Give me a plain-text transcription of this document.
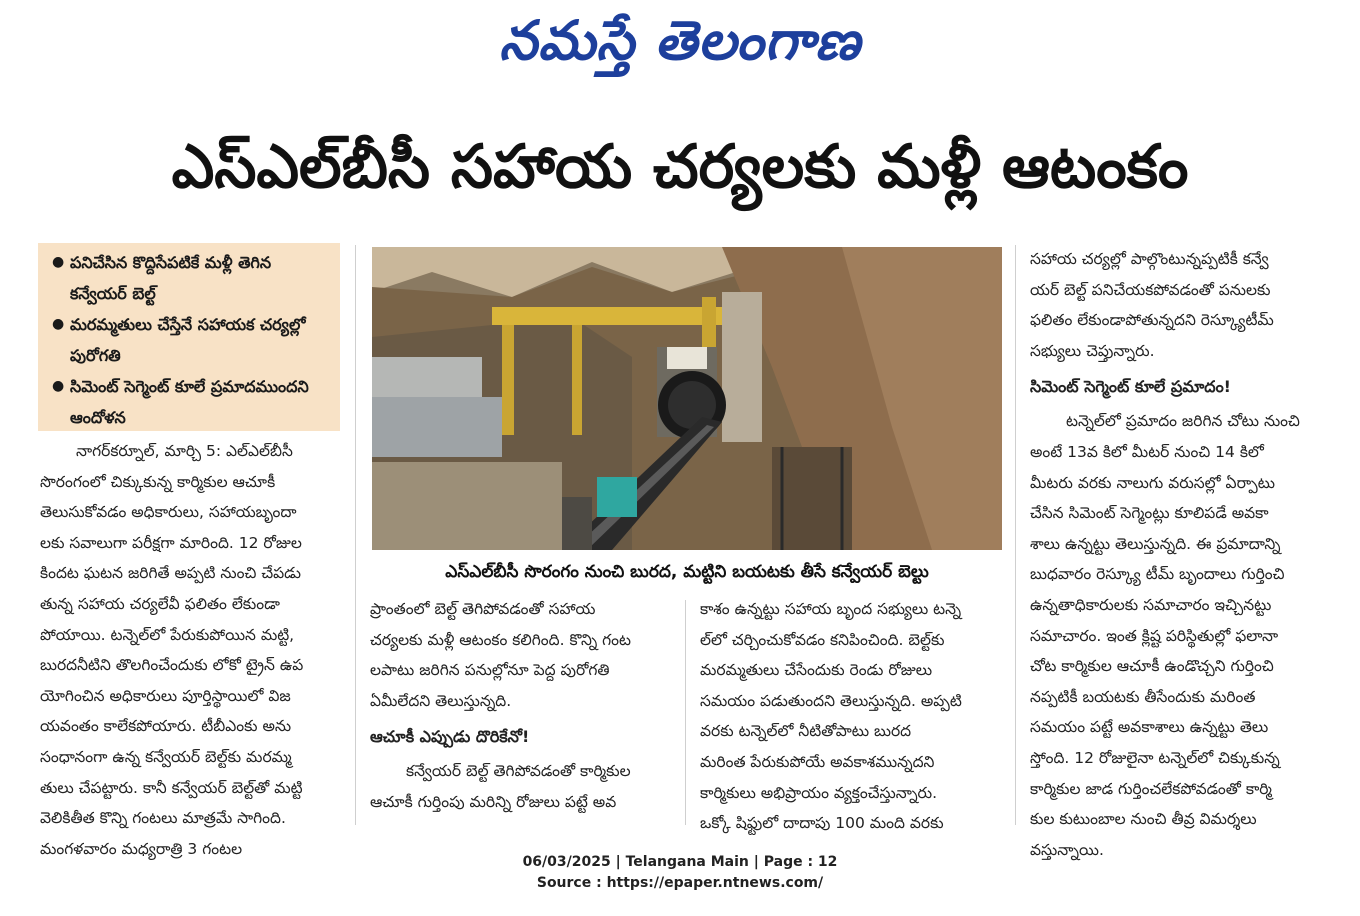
నమస్తే తెలంగాణ
ఎస్ఎల్‌బీసీ సహాయ చర్యలకు మళ్లీ ఆటంకం
● పనిచేసిన కొద్దిసేపటికే మళ్లీ తెగిన కన్వేయర్ బెల్ట్
● మరమ్మతులు చేస్తేనే సహాయక చర్యల్లో పురోగతి
● సిమెంట్ సెగ్మెంట్ కూలే ప్రమాదముందని ఆందోళన

నాగర్‌కర్నూల్, మార్చి 5: ఎల్ఎల్‌బీసీ

సొరంగంలో చిక్కుకున్న కార్మికుల ఆచూకీ

తెలుసుకోవడం అధికారులు, సహాయబృందా

లకు సవాలుగా పరీక్షగా మారింది. 12 రోజుల

కిందట ఘటన జరిగితే అప్పటి నుంచి చేపడు

తున్న సహాయ చర్యలేవీ ఫలితం లేకుండా

పోయాయి. టన్నెల్‌లో పేరుకుపోయిన మట్టి,

బురదనీటిని తొలగించేందుకు లోకో ట్రైన్ ఉప

యోగించిన అధికారులు పూర్తిస్థాయిలో విజ

యవంతం కాలేకపోయారు. టీబీఎంకు అను

సంధానంగా ఉన్న కన్వేయర్ బెల్ట్‌కు మరమ్మ

తులు చేపట్టారు. కానీ కన్వేయర్ బెల్ట్‌తో మట్టి

వెలికితీత కొన్ని గంటలు మాత్రమే సాగింది.

మంగళవారం మధ్యరాత్రి 3 గంటల

ఎస్ఎల్‌బీసీ సొరంగం నుంచి బురద, మట్టిని బయటకు తీసే కన్వేయర్ బెల్టు

ప్రాంతంలో బెల్ట్ తెగిపోవడంతో సహాయ

చర్యలకు మళ్లీ ఆటంకం కలిగింది. కొన్ని గంట

లపాటు జరిగిన పనుల్లోనూ పెద్ద పురోగతి

ఏమీలేదని తెలుస్తున్నది.

ఆచూకీ ఎప్పుడు దొరికేనో!

కన్వేయర్ బెల్ట్ తెగిపోవడంతో కార్మికుల

ఆచూకీ గుర్తింపు మరిన్ని రోజులు పట్టే అవ

కాశం ఉన్నట్టు సహాయ బృంద సభ్యులు టన్నె

ల్‌లో చర్చించుకోవడం కనిపించింది. బెల్ట్‌కు

మరమ్మతులు చేసేందుకు రెండు రోజులు

సమయం పడుతుందని తెలుస్తున్నది. అప్పటి

వరకు టన్నెల్‌లో నీటితోపాటు బురద

మరింత పేరుకుపోయే అవకాశమున్నదని

కార్మికులు అభిప్రాయం వ్యక్తంచేస్తున్నారు.

ఒక్కో షిఫ్టులో దాదాపు 100 మంది వరకు

సహాయ చర్యల్లో పాల్గొంటున్నప్పటికీ కన్వే

యర్ బెల్ట్ పనిచేయకపోవడంతో పనులకు

ఫలితం లేకుండాపోతున్నదని రెస్క్యూటీమ్

సభ్యులు చెప్తున్నారు.

సిమెంట్ సెగ్మెంట్ కూలే ప్రమాదం!

టన్నెల్‌లో ప్రమాదం జరిగిన చోటు నుంచి

అంటే 13వ కిలో మీటర్ నుంచి 14 కిలో

మీటరు వరకు నాలుగు వరుసల్లో ఏర్పాటు

చేసిన సిమెంట్ సెగ్మెంట్లు కూలిపడే అవకా

శాలు ఉన్నట్టు తెలుస్తున్నది. ఈ ప్రమాదాన్ని

బుధవారం రెస్క్యూ టీమ్ బృందాలు గుర్తించి

ఉన్నతాధికారులకు సమాచారం ఇచ్చినట్టు

సమాచారం. ఇంత క్లిష్ట పరిస్థితుల్లో ఫలానా

చోట కార్మికుల ఆచూకీ ఉండొచ్చని గుర్తించి

నప్పటికీ బయటకు తీసేందుకు మరింత

సమయం పట్టే అవకాశాలు ఉన్నట్టు తెలు

స్తోంది. 12 రోజులైనా టన్నెల్‌లో చిక్కుకున్న

కార్మికుల జాడ గుర్తించలేకపోవడంతో కార్మి

కుల కుటుంబాల నుంచి తీవ్ర విమర్శలు

వస్తున్నాయి.

06/03/2025 | Telangana Main | Page : 12
Source : https://epaper.ntnews.com/
